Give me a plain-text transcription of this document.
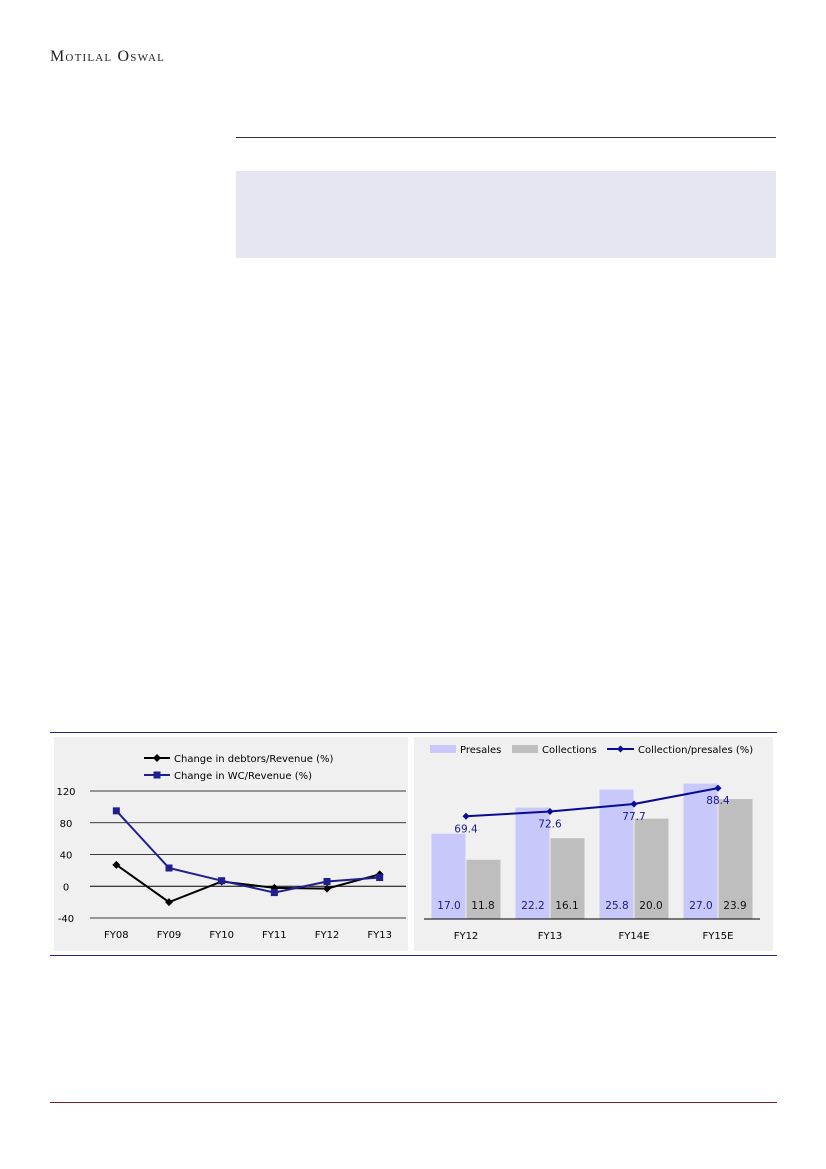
Motilal Oswal
120
80
40
0
-40
FY08	FY09	FY10	FY11	FY12	FY13
Change in debtors/Revenue (%)
Change in WC/Revenue (%)
17.0 11.8
FY12
22.2 16.1
FY13
25.8 20.0
FY14E
27.0 23.9
FY15E
69.4	72.6
77.7
88.4
Presales	Collections	Collection/presales (%)
